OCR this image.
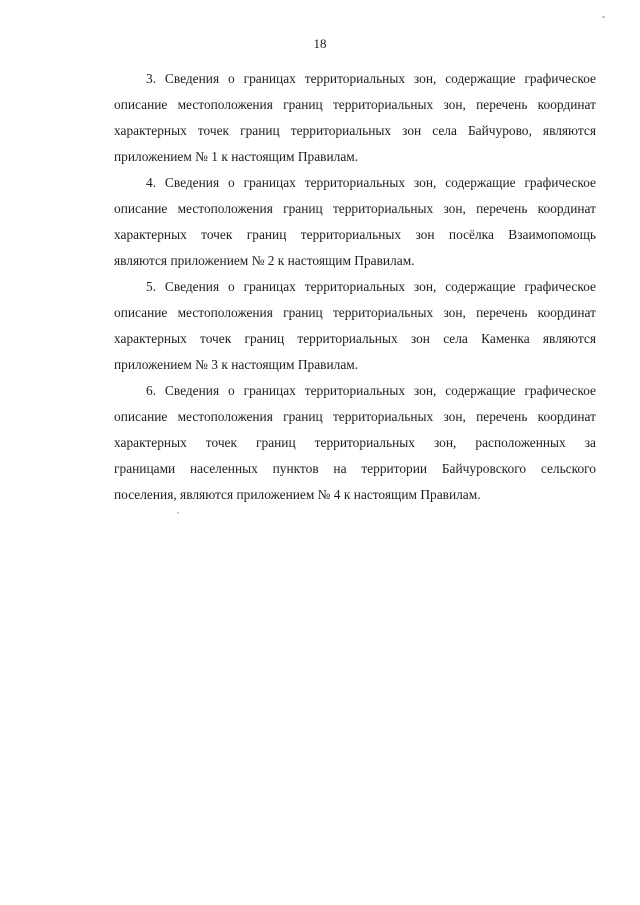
18

3. Сведения о границах территориальных зон, содержащие графическое
описание местоположения границ территориальных зон, перечень координат
характерных точек границ территориальных зон села Байчурово, являются
приложением № 1 к настоящим Правилам.

4. Сведения о границах территориальных зон, содержащие графическое
описание местоположения границ территориальных зон, перечень координат
характерных точек границ территориальных зон посёлка Взаимопомощь
являются приложением № 2 к настоящим Правилам.

5. Сведения о границах территориальных зон, содержащие графическое
описание местоположения границ территориальных зон, перечень координат
характерных точек границ территориальных зон села Каменка являются
приложением № 3 к настоящим Правилам.

6. Сведения о границах территориальных зон, содержащие графическое
описание местоположения границ территориальных зон, перечень координат
характерных точек границ территориальных зон, расположенных за
границами населенных пунктов на территории Байчуровского сельского
поселения, являются приложением № 4 к настоящим Правилам.
